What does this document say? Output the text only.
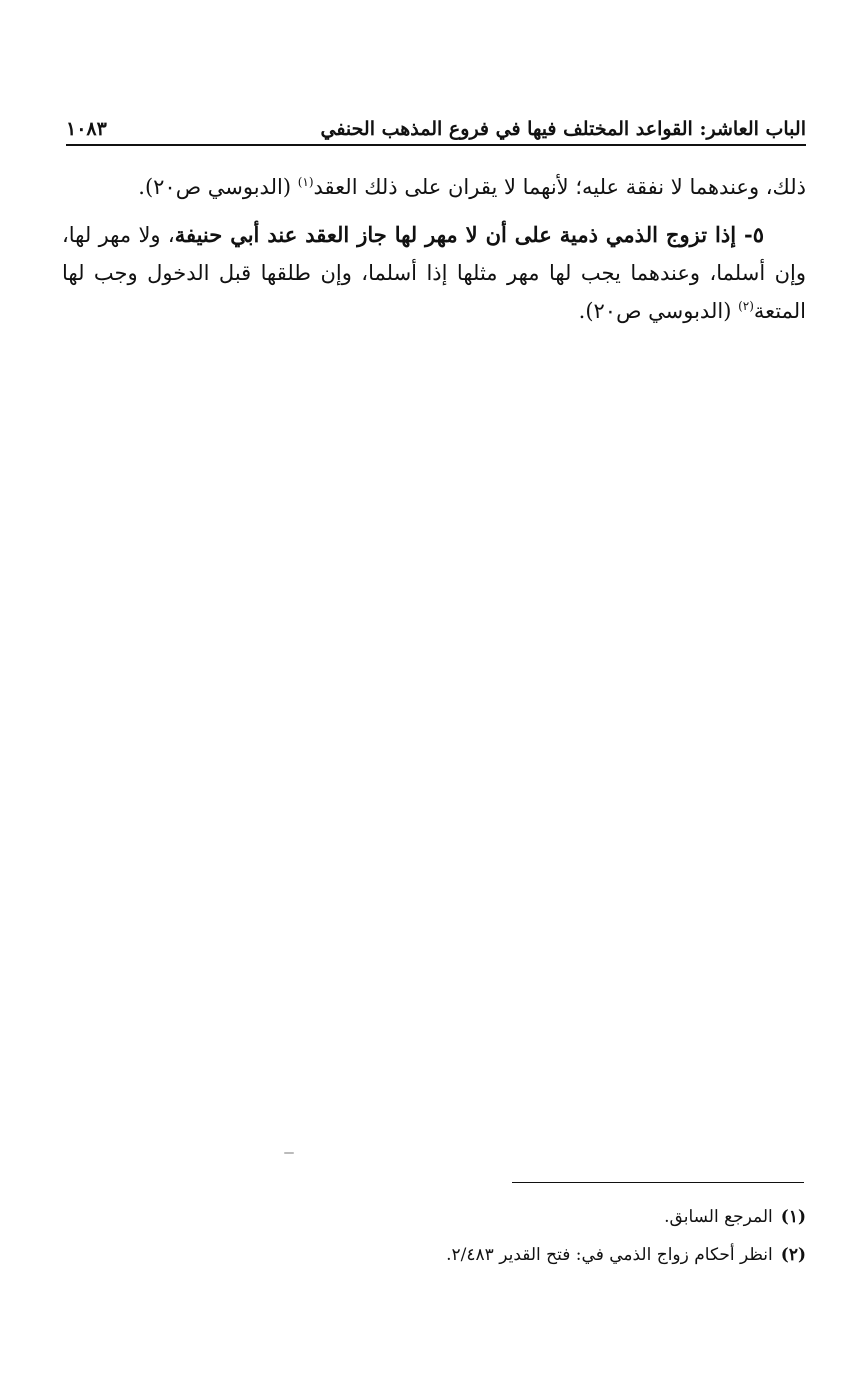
الباب العاشر: القواعد المختلف فيها في فروع المذهب الحنفي
١٠٨٣

ذلك، وعندهما لا نفقة عليه؛ لأنهما لا يقران على ذلك العقد$^{(١)}$ (الدبوسي ص٢٠).

  ٥- إذا تزوج الذمي ذمية على أن لا مهر لها جاز العقد عند أبي حنيفة، ولا مهر لها، وإن أسلما، وعندهما يجب لها مهر مثلها إذا أسلما، وإن طلقها قبل الدخول وجب لها المتعة$^{(٢)}$ (الدبوسي ص٢٠).

(١)المرجع السابق.

(٢)انظر أحكام زواج الذمي في: فتح القدير ٢/٤٨٣.
